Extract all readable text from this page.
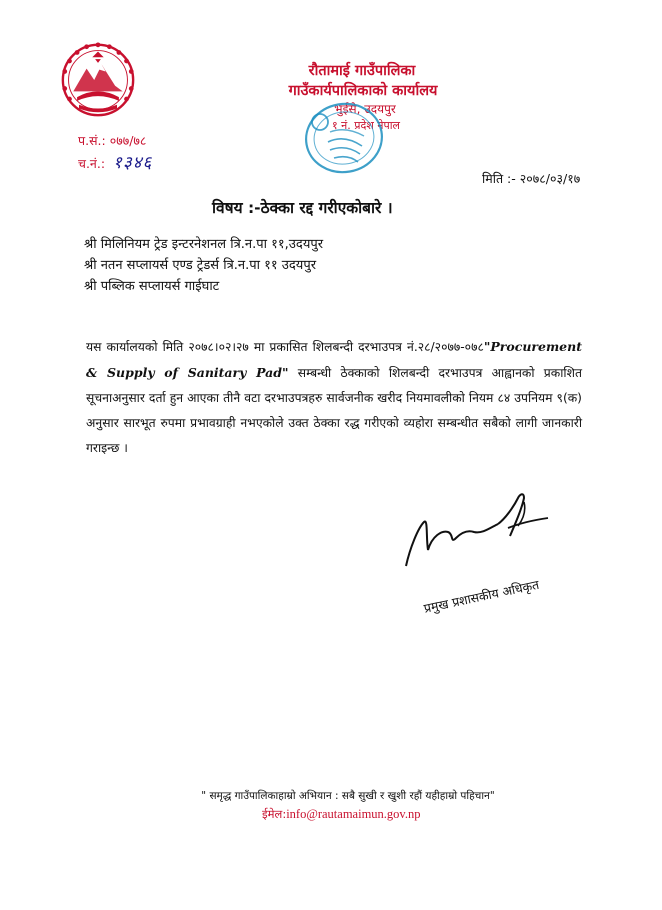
रौतामाई गाउँपालिका
गाउँकार्यपालिकाको कार्यालय
भुईसे, उदयपुर
१ नं. प्रदेश नेपाल
प.सं.: ०७७/७८
च.नं.: १३४६
मिति :- २०७८/०३/१७
विषय :-ठेक्का रद्द गरीएकोबारे ।
श्री मिलिनियम ट्रेड इन्टरनेशनल त्रि.न.पा ११,उदयपुर
श्री नतन सप्लायर्स एण्ड ट्रेडर्स त्रि.न.पा ११ उदयपुर
श्री पब्लिक सप्लायर्स गाईघाट
यस कार्यालयको मिति २०७८।०२।२७ मा प्रकासित शिलबन्दी दरभाउपत्र नं.२८/२०७७-०७८"Procurement & Supply of Sanitary Pad" सम्बन्धी ठेक्काको शिलबन्दी दरभाउपत्र आह्वानको प्रकाशित सूचनाअनुसार दर्ता हुन आएका तीनै वटा दरभाउपत्रहरु सार्वजनीक खरीद नियमावलीको नियम ८४ उपनियम ९(क) अनुसार सारभूत रुपमा प्रभावग्राही नभएकोले उक्त ठेक्का रद्ध गरीएको व्यहोरा सम्बन्धीत सबैको लागी जानकारी गराइन्छ ।
प्रमुख प्रशासकीय अधिकृत
" समृद्ध गाउँपालिकाहाम्रो अभियान : सबै सुखी र खुशी रहौं यहीहाम्रो पहिचान"
ईमेल:info@rautamaimun.gov.np
